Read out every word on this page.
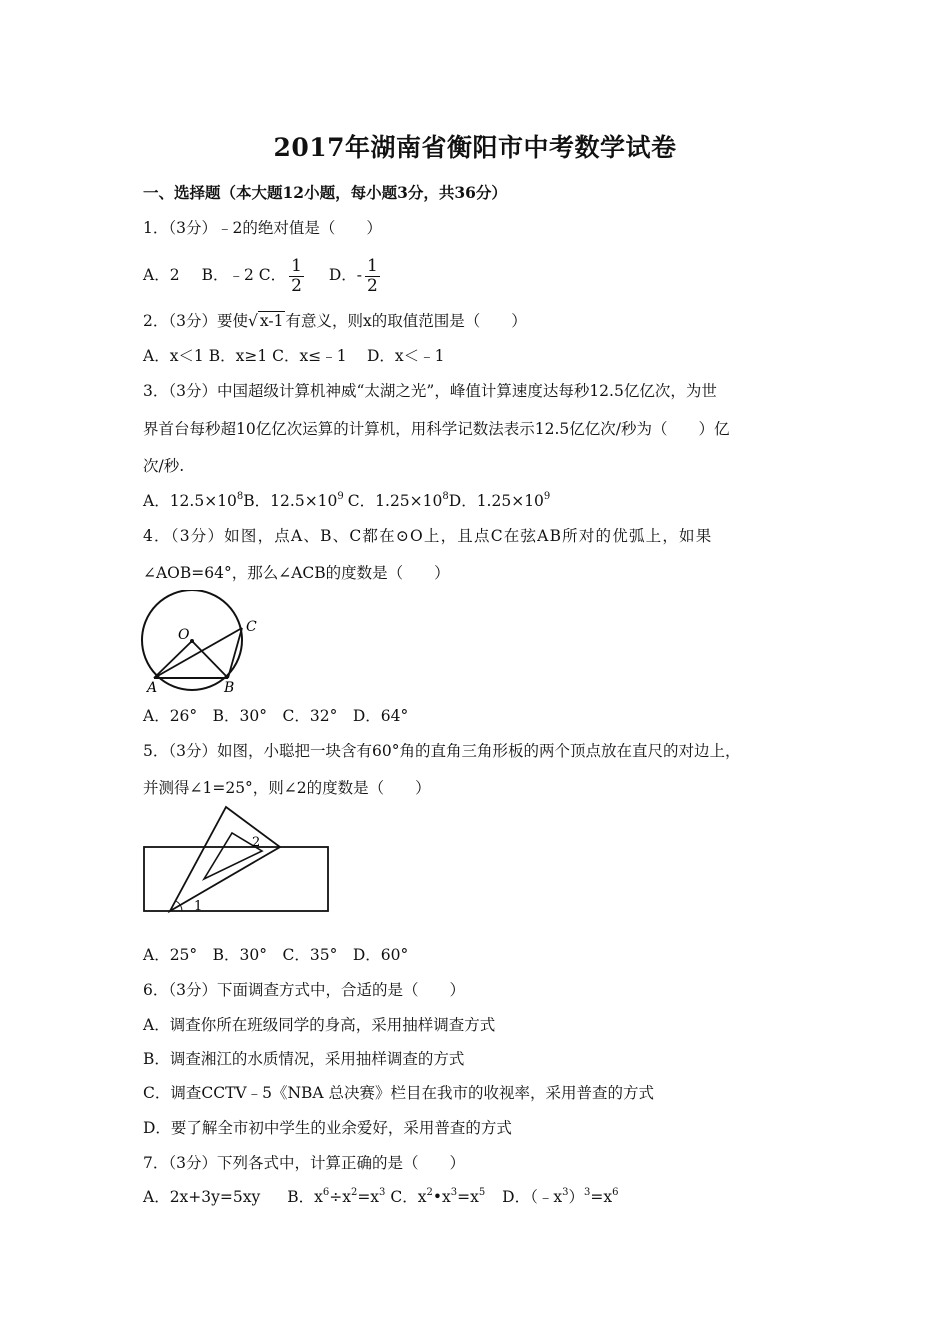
2017年湖南省衡阳市中考数学试卷
一、选择题（本大题12小题，每小题3分，共36分）
1．（3分）﹣2的绝对值是（　　）
A．2 B．﹣2 C． $\frac{1}{2}$ D．- $\frac{1}{2}$
2．（3分）要使√ x-1 有意义，则x的取值范围是（　　）
A．x＜1 B．x≥1 C．x≤﹣1　 D．x＜﹣1
3．（3分）中国超级计算机神威“太湖之光”，峰值计算速度达每秒12.5亿亿次，为世
界首台每秒超10亿亿次运算的计算机，用科学记数法表示12.5亿亿次/秒为（　　）亿
次/秒.
A．$12.5\times 10^8B$．$12.5\times 10^9$ C．$1.25\times 10^8D$．$1.25\times 10^9$
4．（3分）如图，点A、B、C都在⊙O上，且点C在弦AB所对的优弧上，如果
∠AOB=64°，那么∠ACB的度数是（　　）
O
A	B
C
A．26°　B．30°　C．32°　D．64°
5．（3分）如图，小聪把一块含有60°角的直角三角形板的两个顶点放在直尺的对边上，
并测得∠1=25°，则∠2的度数是（　　）
2
1
A．25°　B．30°　C．35°　D．60°
6．（3分）下面调查方式中，合适的是（　　）
A．调查你所在班级同学的身高，采用抽样调查方式
B．调查湘江的水质情况，采用抽样调查的方式
C．调查CCTV﹣5《NBA 总决赛》栏目在我市的收视率，采用普查的方式
D．要了解全市初中学生的业余爱好，采用普查的方式
7．（3分）下列各式中，计算正确的是（　　）
A．2x+3y=5xy B．$x^6\div x^2=x^3$ C．$x^2•x^3=x^5$ D．$(﹣x^3)^3=x^6$
